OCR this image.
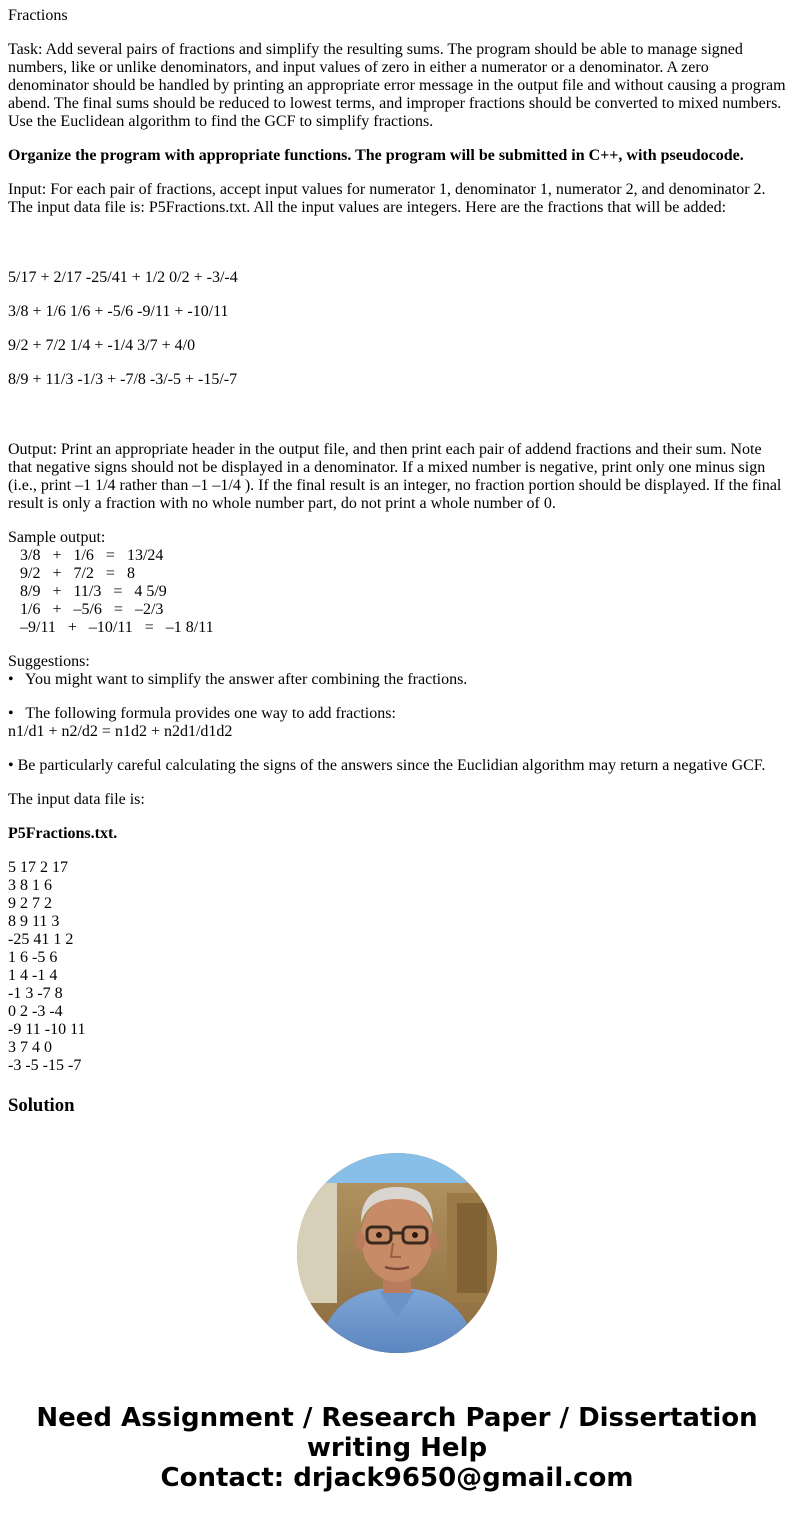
Fractions

Task: Add several pairs of fractions and simplify the resulting sums. The program should be able to manage signed numbers, like or unlike denominators, and input values of zero in either a numerator or a denominator. A zero denominator should be handled by printing an appropriate error message in the output file and without causing a program abend. The final sums should be reduced to lowest terms, and improper fractions should be converted to mixed numbers. Use the Euclidean algorithm to find the GCF to simplify fractions.

Organize the program with appropriate functions. The program will be submitted in C++, with pseudocode.

Input: For each pair of fractions, accept input values for numerator 1, denominator 1, numerator 2, and denominator 2. The input data file is: P5Fractions.txt. All the input values are integers. Here are the fractions that will be added:

5/17 + 2/17 -25/41 + 1/2 0/2 + -3/-4

3/8 + 1/6 1/6 + -5/6 -9/11 + -10/11

9/2 + 7/2 1/4 + -1/4 3/7 + 4/0

8/9 + 11/3 -1/3 + -7/8 -3/-5 + -15/-7

Output: Print an appropriate header in the output file, and then print each pair of addend fractions and their sum. Note that negative signs should not be displayed in a denominator. If a mixed number is negative, print only one minus sign (i.e., print –1 1/4 rather than –1 –1/4 ). If the final result is an integer, no fraction portion should be displayed. If the final result is only a fraction with no whole number part, do not print a whole number of 0.

Sample output:
3/8   +   1/6   =   13/24
9/2   +   7/2   =   8
8/9   +   11/3   =   4 5/9
1/6   +   –5/6   =   –2/3
–9/11   +   –10/11   =   –1 8/11

Suggestions:
•   You might want to simplify the answer after combining the fractions.

•   The following formula provides one way to add fractions:
n1/d1 + n2/d2 = n1d2 + n2d1/d1d2

• Be particularly careful calculating the signs of the answers since the Euclidian algorithm may return a negative GCF.

The input data file is:

P5Fractions.txt.

5 17 2 17
3 8 1 6
9 2 7 2
8 9 11 3
-25 41 1 2
1 6 -5 6
1 4 -1 4
-1 3 -7 8
0 2 -3 -4
-9 11 -10 11
3 7 4 0
-3 -5 -15 -7

Solution
Need Assignment / Research Paper / Dissertation
writing Help
Contact: drjack9650@gmail.com
